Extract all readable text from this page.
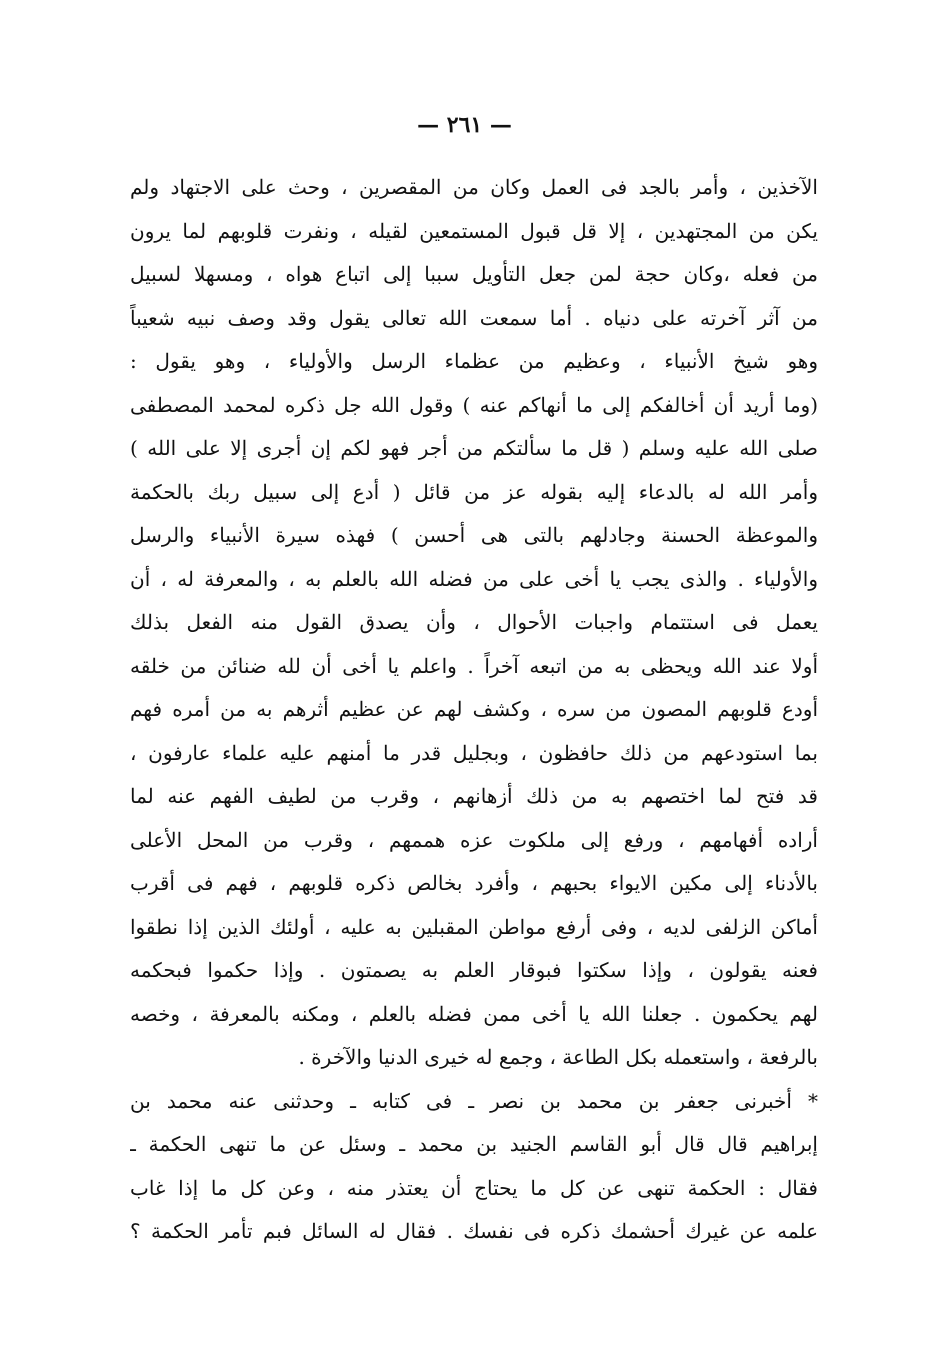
— ٢٦١ —
الآخذين ، وأمر بالجد فى العمل وكان من المقصرين ، وحث على الاجتهاد ولم
يكن من المجتهدين ، إلا قل قبول المستمعين لقيله ، ونفرت قلوبهم لما يرون
من فعله ،وكان حجة لمن جعل التأويل سببا إلى اتباع هواه ، ومسهلا لسبيل
من آثر آخرته على دنياه . أما سمعت الله تعالى يقول وقد وصف نبيه شعيباً
وهو شيخ الأنبياء ، وعظيم من عظماء الرسل والأولياء ، وهو يقول :
(وما أريد أن أخالفكم إلى ما أنهاكم عنه ) وقول الله جل ذكره لمحمد المصطفى
صلى الله عليه وسلم ( قل ما سألتكم من أجر فهو لكم إن أجرى إلا على الله )
وأمر الله له بالدعاء إليه بقوله عز من قائل ( أدع إلى سبيل ربك بالحكمة
والموعظة الحسنة وجادلهم بالتى هى أحسن ) فهذه سيرة الأنبياء والرسل
والأولياء . والذى يجب يا أخى على من فضله الله بالعلم به ، والمعرفة له ، أن
يعمل فى استتمام واجبات الأحوال ، وأن يصدق القول منه الفعل بذلك
أولا عند الله ويحظى به من اتبعه آخراً . واعلم يا أخى أن لله ضنائن من خلقه
أودع قلوبهم المصون من سره ، وكشف لهم عن عظيم أثرهم به من أمره فهم
بما استودعهم من ذلك حافظون ، وبجليل قدر ما أمنهم عليه علماء عارفون ،
قد فتح لما اختصهم به من ذلك أزهانهم ، وقرب من لطيف الفهم عنه لما
أراده أفهامهم ، ورفع إلى ملكوت عزه هممهم ، وقرب من المحل الأعلى
بالأدناء إلى مكين الايواء بحبهم ، وأفرد بخالص ذكره قلوبهم ، فهم فى أقرب
أماكن الزلفى لديه ، وفى أرفع مواطن المقبلين به عليه ، أولئك الذين إذا نطقوا
فعنه يقولون ، وإذا سكتوا فبوقار العلم به يصمتون . وإذا حكموا فبحكمه
لهم يحكمون . جعلنا الله يا أخى ممن فضله بالعلم ، ومكنه بالمعرفة ، وخصه
بالرفعة ، واستعمله بكل الطاعة ، وجمع له خيرى الدنيا والآخرة .
* أخبرنى جعفر بن محمد بن نصر ـ فى كتابه ـ وحدثنى عنه محمد بن
إبراهيم قال قال أبو القاسم الجنيد بن محمد ـ وسئل عن ما تنهى الحكمة ـ
فقال : الحكمة تنهى عن كل ما يحتاج أن يعتذر منه ، وعن كل ما إذا غاب
علمه عن غيرك أحشمك ذكره فى نفسك . فقال له السائل فبم تأمر الحكمة ؟
